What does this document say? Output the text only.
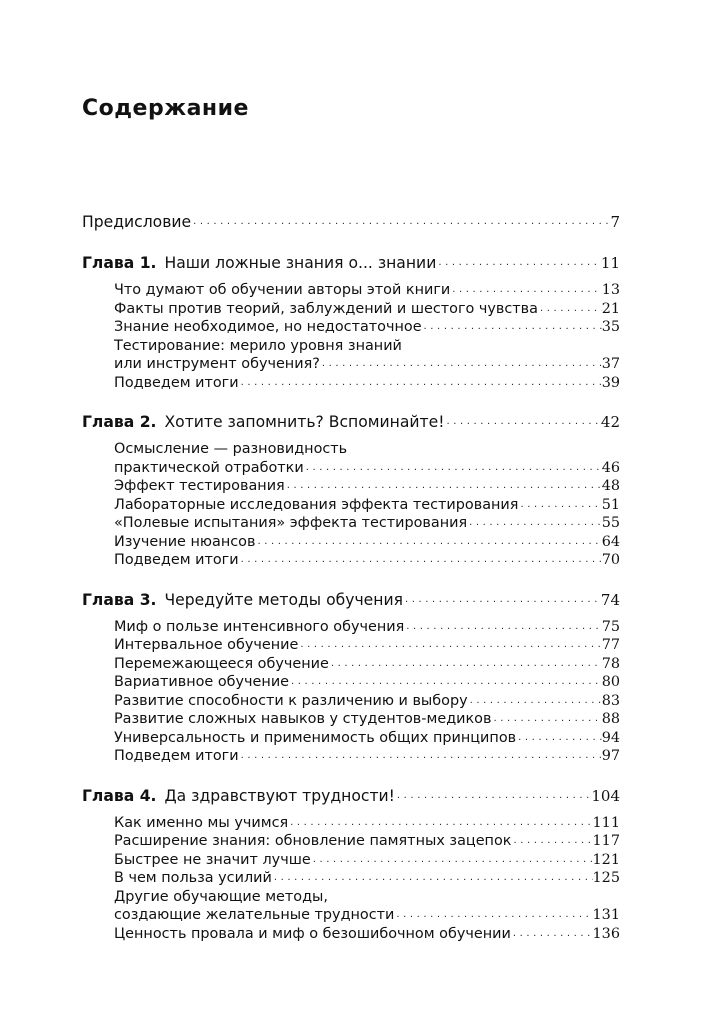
Содержание
Предисловие . . .	7
Глава 1. Наши ложные знания о... знании . . .	11
Что думают об обучении авторы этой книги . . .	13
Факты против теорий, заблуждений и шестого чувства . . .	21
Знание необходимое, но недостаточное . . .	35
Тестирование: мерило уровня знаний
или инструмент обучения? . . .	37
Подведем итоги . . .	39
Глава 2. Хотите запомнить? Вспоминайте! . . .	42
Осмысление — разновидность
практической отработки . . .	46
Эффект тестирования . . .	48
Лабораторные исследования эффекта тестирования . . .	51
«Полевые испытания» эффекта тестирования . . .	55
Изучение нюансов . . .	64
Подведем итоги . . .	70
Глава 3. Чередуйте методы обучения . . .	74
Миф о пользе интенсивного обучения . . .	75
Интервальное обучение . . .	77
Перемежающееся обучение . . .	78
Вариативное обучение . . .	80
Развитие способности к различению и выбору . . .	83
Развитие сложных навыков у студентов-медиков . . .	88
Универсальность и применимость общих принципов . . .	94
Подведем итоги . . .	97
Глава 4. Да здравствуют трудности! . . .	104
Как именно мы учимся . . .	111
Расширение знания: обновление памятных зацепок . . .	117
Быстрее не значит лучше . . .	121
В чем польза усилий . . .	125
Другие обучающие методы,
создающие желательные трудности . . .	131
Ценность провала и миф о безошибочном обучении . . .	136
